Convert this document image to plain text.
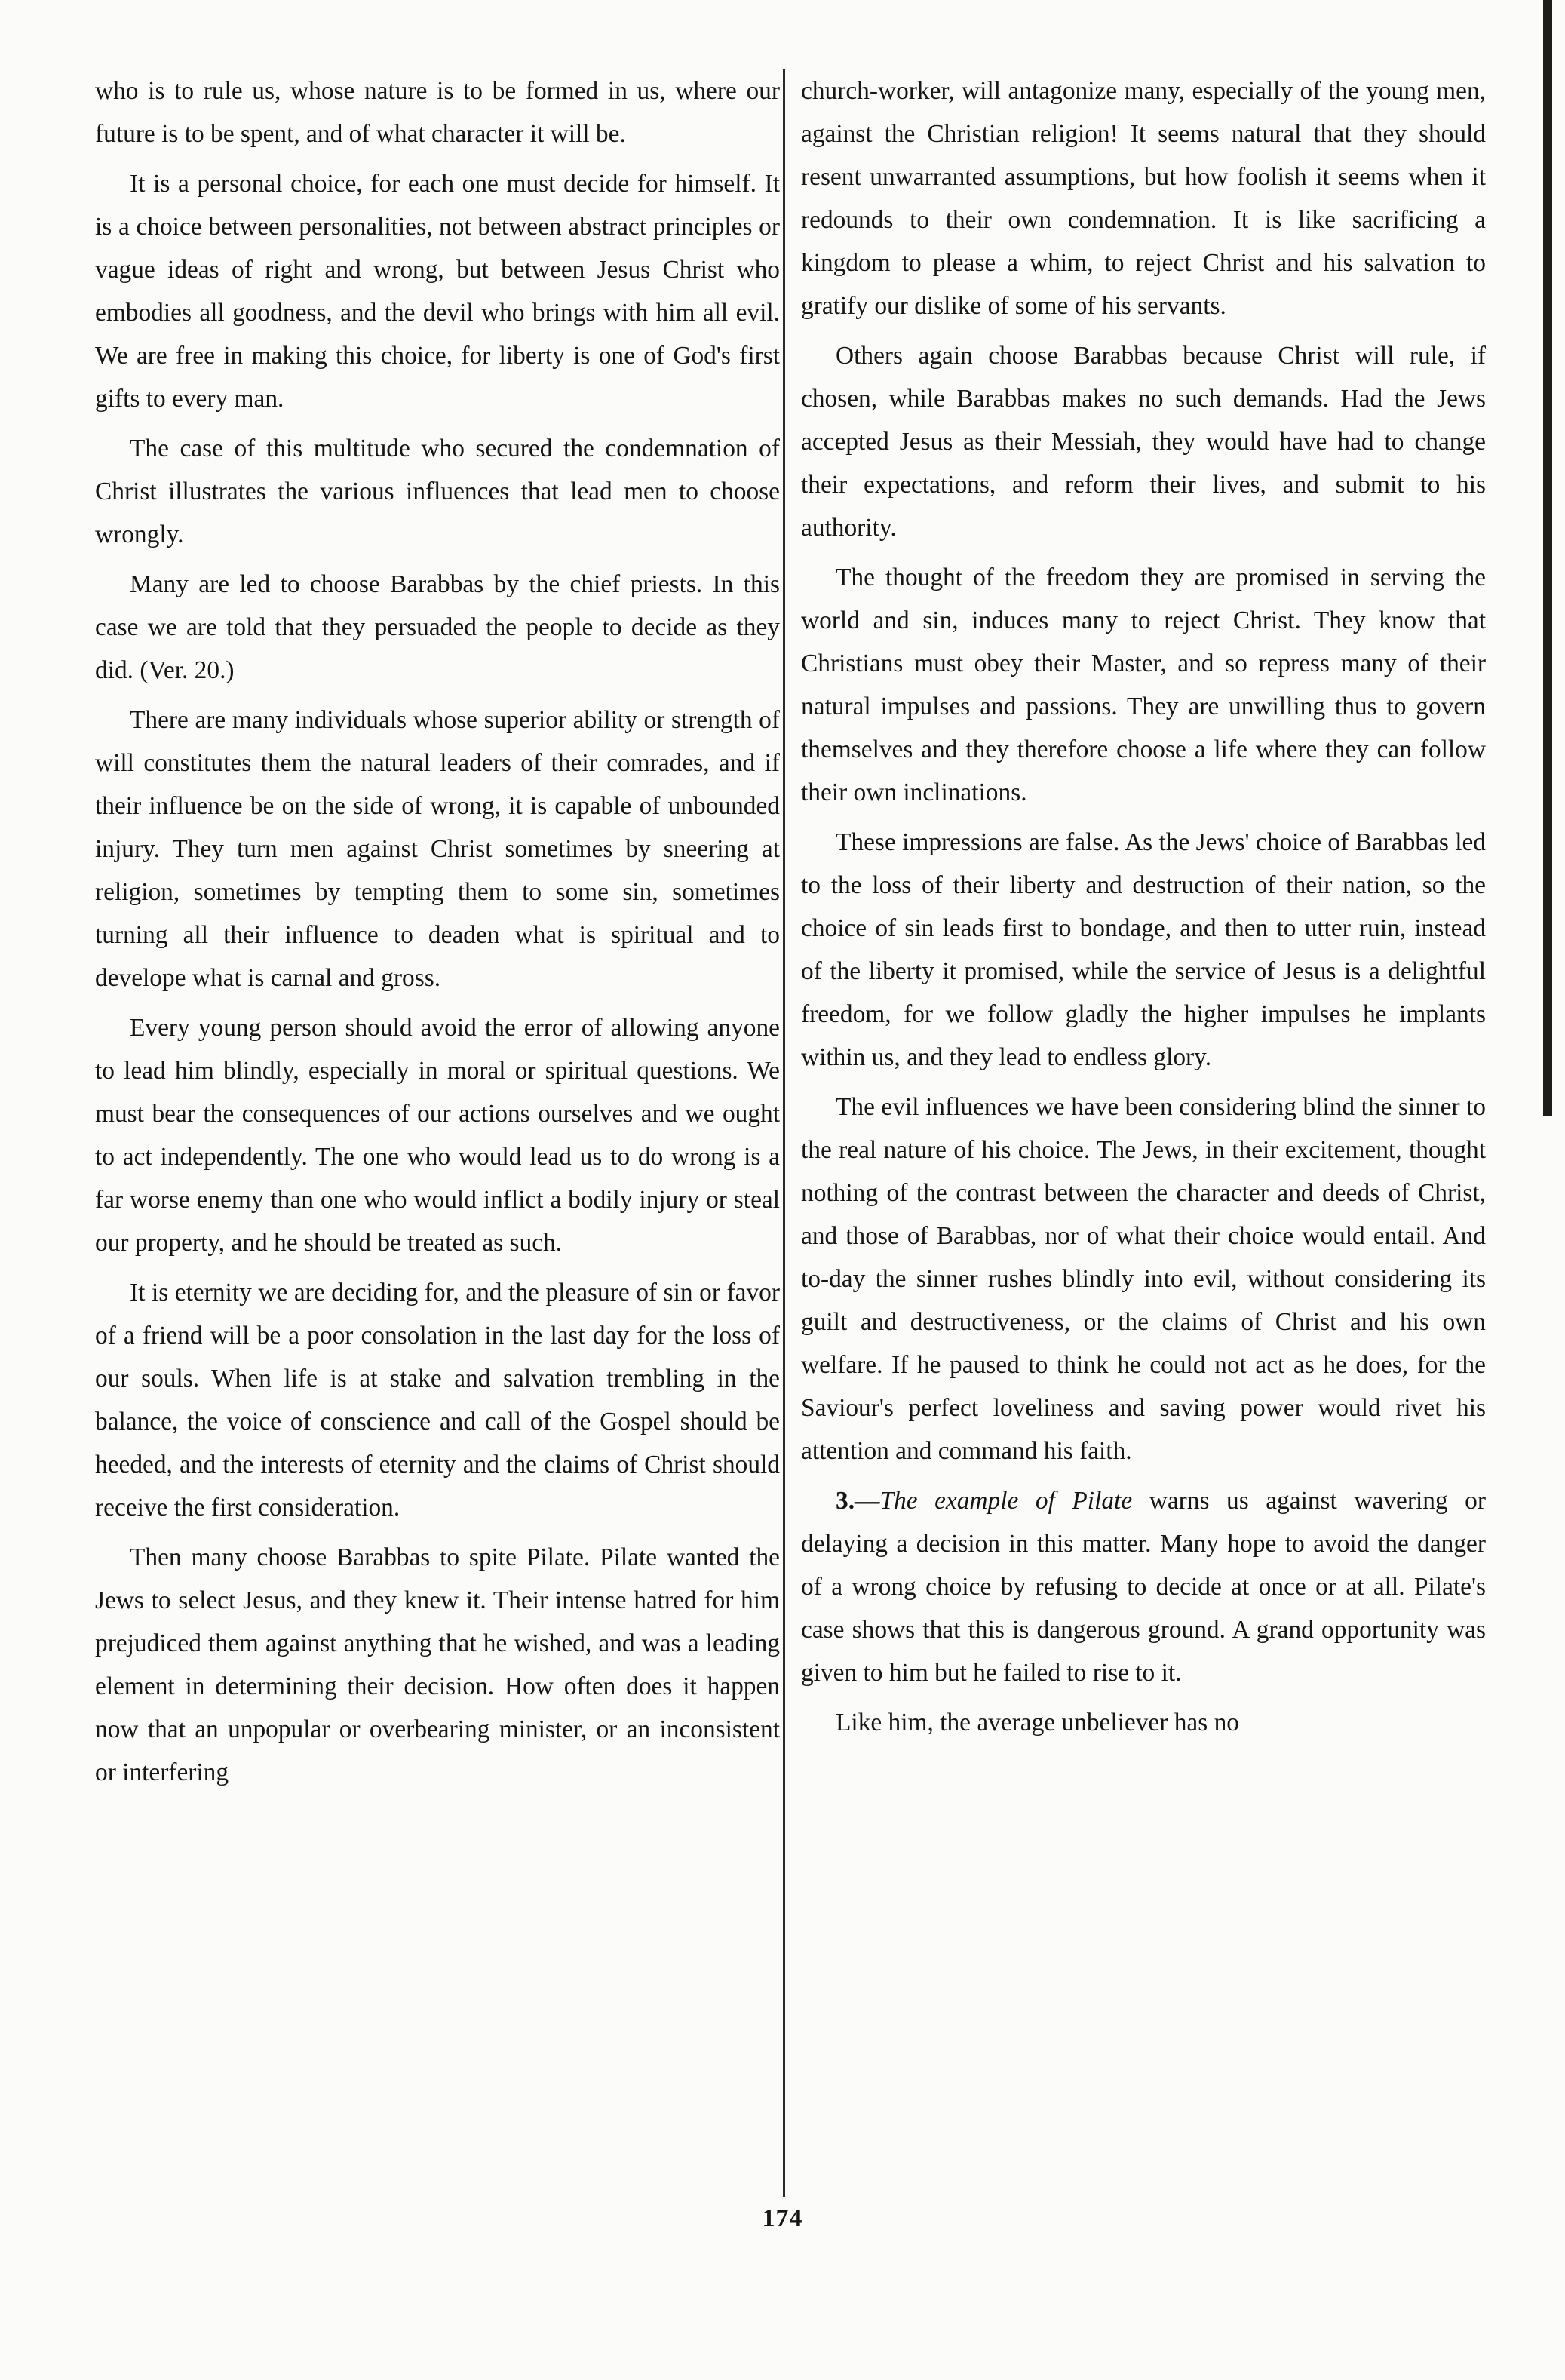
who is to rule us, whose nature is to be formed in us, where our future is to be spent, and of what character it will be.

It is a personal choice, for each one must decide for himself. It is a choice between personalities, not between abstract principles or vague ideas of right and wrong, but between Jesus Christ who embodies all goodness, and the devil who brings with him all evil. We are free in making this choice, for liberty is one of God's first gifts to every man.

The case of this multitude who secured the condemnation of Christ illustrates the various influences that lead men to choose wrongly.

Many are led to choose Barabbas by the chief priests. In this case we are told that they persuaded the people to decide as they did. (Ver. 20.)

There are many individuals whose superior ability or strength of will constitutes them the natural leaders of their comrades, and if their influence be on the side of wrong, it is capable of unbounded injury. They turn men against Christ sometimes by sneering at religion, sometimes by tempting them to some sin, sometimes turning all their influence to deaden what is spiritual and to develope what is carnal and gross.

Every young person should avoid the error of allowing anyone to lead him blindly, especially in moral or spiritual questions. We must bear the consequences of our actions ourselves and we ought to act independently. The one who would lead us to do wrong is a far worse enemy than one who would inflict a bodily injury or steal our property, and he should be treated as such.

It is eternity we are deciding for, and the pleasure of sin or favor of a friend will be a poor consolation in the last day for the loss of our souls. When life is at stake and salvation trembling in the balance, the voice of conscience and call of the Gospel should be heeded, and the interests of eternity and the claims of Christ should receive the first consideration.

Then many choose Barabbas to spite Pilate. Pilate wanted the Jews to select Jesus, and they knew it. Their intense hatred for him prejudiced them against anything that he wished, and was a leading element in determining their decision. How often does it happen now that an unpopular or overbearing minister, or an inconsistent or interfering

church-worker, will antagonize many, especially of the young men, against the Christian religion! It seems natural that they should resent unwarranted assumptions, but how foolish it seems when it redounds to their own condemnation. It is like sacrificing a kingdom to please a whim, to reject Christ and his salvation to gratify our dislike of some of his servants.

Others again choose Barabbas because Christ will rule, if chosen, while Barabbas makes no such demands. Had the Jews accepted Jesus as their Messiah, they would have had to change their expectations, and reform their lives, and submit to his authority.

The thought of the freedom they are promised in serving the world and sin, induces many to reject Christ. They know that Christians must obey their Master, and so repress many of their natural impulses and passions. They are unwilling thus to govern themselves and they therefore choose a life where they can follow their own inclinations.

These impressions are false. As the Jews' choice of Barabbas led to the loss of their liberty and destruction of their nation, so the choice of sin leads first to bondage, and then to utter ruin, instead of the liberty it promised, while the service of Jesus is a delightful freedom, for we follow gladly the higher impulses he implants within us, and they lead to endless glory.

The evil influences we have been considering blind the sinner to the real nature of his choice. The Jews, in their excitement, thought nothing of the contrast between the character and deeds of Christ, and those of Barabbas, nor of what their choice would entail. And to-day the sinner rushes blindly into evil, without considering its guilt and destructiveness, or the claims of Christ and his own welfare. If he paused to think he could not act as he does, for the Saviour's perfect loveliness and saving power would rivet his attention and command his faith.

3.—The example of Pilate warns us against wavering or delaying a decision in this matter. Many hope to avoid the danger of a wrong choice by refusing to decide at once or at all. Pilate's case shows that this is dangerous ground. A grand opportunity was given to him but he failed to rise to it.

Like him, the average unbeliever has no

174
